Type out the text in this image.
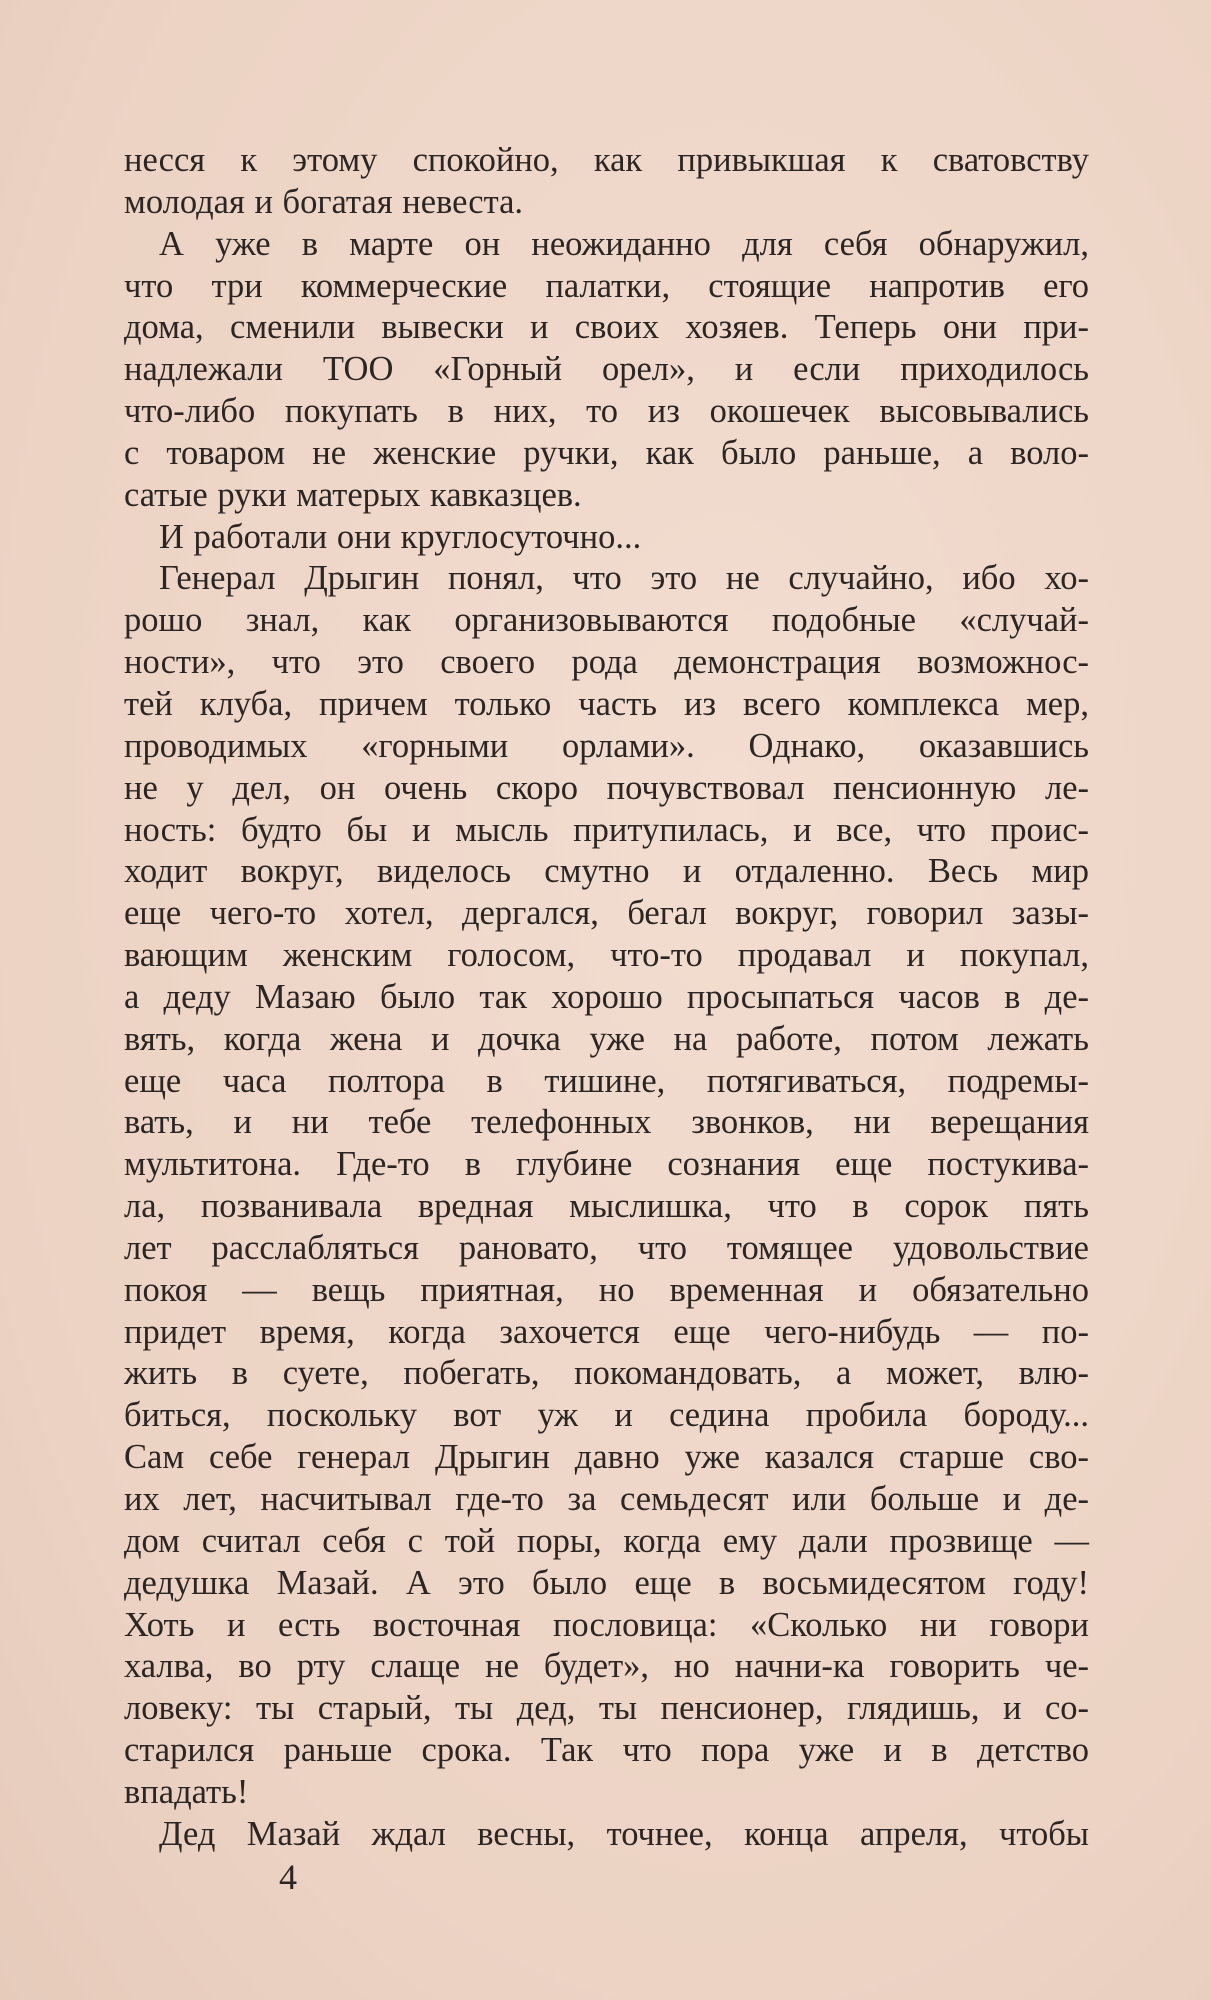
несся к этому спокойно, как привыкшая к сватовству
молодая и богатая невеста.
А уже в марте он неожиданно для себя обнаружил,
что три коммерческие палатки, стоящие напротив его
дома, сменили вывески и своих хозяев. Теперь они при-
надлежали ТОО «Горный орел», и если приходилось
что-либо покупать в них, то из окошечек высовывались
с товаром не женские ручки, как было раньше, а воло-
сатые руки матерых кавказцев.
И работали они круглосуточно...
Генерал Дрыгин понял, что это не случайно, ибо хо-
рошо знал, как организовываются подобные «случай-
ности», что это своего рода демонстрация возможнос-
тей клуба, причем только часть из всего комплекса мер,
проводимых «горными орлами». Однако, оказавшись
не у дел, он очень скоро почувствовал пенсионную ле-
ность: будто бы и мысль притупилась, и все, что проис-
ходит вокруг, виделось смутно и отдаленно. Весь мир
еще чего-то хотел, дергался, бегал вокруг, говорил зазы-
вающим женским голосом, что-то продавал и покупал,
а деду Мазаю было так хорошо просыпаться часов в де-
вять, когда жена и дочка уже на работе, потом лежать
еще часа полтора в тишине, потягиваться, подремы-
вать, и ни тебе телефонных звонков, ни верещания
мультитона. Где-то в глубине сознания еще постукива-
ла, позванивала вредная мыслишка, что в сорок пять
лет расслабляться рановато, что томящее удовольствие
покоя — вещь приятная, но временная и обязательно
придет время, когда захочется еще чего-нибудь — по-
жить в суете, побегать, покомандовать, а может, влю-
биться, поскольку вот уж и седина пробила бороду...
Сам себе генерал Дрыгин давно уже казался старше сво-
их лет, насчитывал где-то за семьдесят или больше и де-
дом считал себя с той поры, когда ему дали прозвище —
дедушка Мазай. А это было еще в восьмидесятом году!
Хоть и есть восточная пословица: «Сколько ни говори
халва, во рту слаще не будет», но начни-ка говорить че-
ловеку: ты старый, ты дед, ты пенсионер, глядишь, и со-
старился раньше срока. Так что пора уже и в детство
впадать!
Дед Мазай ждал весны, точнее, конца апреля, чтобы
4
